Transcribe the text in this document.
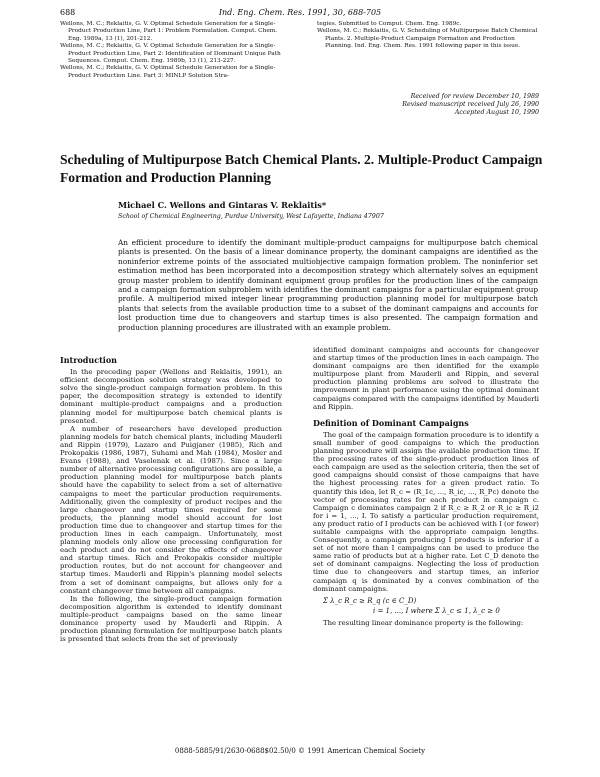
688	Ind. Eng. Chem. Res. 1991, 30, 688-705

Wellons, M. C.; Reklaitis, G. V. Optimal Schedule Generation for a Single-Product Production Line, Part 1: Problem Formulation. Comput. Chem. Eng. 1989a, 13 (1), 201-212.

Wellons, M. C.; Reklaitis, G. V. Optimal Schedule Generation for a Single-Product Production Line, Part 2: Identification of Dominant Unique Path Sequences. Comput. Chem. Eng. 1989b, 13 (1), 213-227.

Wellons, M. C.; Reklaitis, G. V. Optimal Schedule Generation for a Single-Product Production Line. Part 3: MINLP Solution Stra-

tegies. Submitted to Comput. Chem. Eng. 1989c.

Wellons, M. C.; Reklaitis, G. V. Scheduling of Multipurpose Batch Chemical Plants. 2. Multiple-Product Campaign Formation and Production Planning. Ind. Eng. Chem. Res. 1991 following paper in this issue.

Received for review December 10, 1989
Revised manuscript received July 26, 1990
Accepted August 10, 1990
Scheduling of Multipurpose Batch Chemical Plants. 2. Multiple-Product Campaign Formation and Production Planning
Michael C. Wellons and Gintaras V. Reklaitis*
School of Chemical Engineering, Purdue University, West Lafayette, Indiana 47907
An efficient procedure to identify the dominant multiple-product campaigns for multipurpose batch chemical plants is presented. On the basis of a linear dominance property, the dominant campaigns are identified as the noninferior extreme points of the associated multiobjective campaign formation problem. The noninferior set estimation method has been incorporated into a decomposition strategy which alternately solves an equipment group master problem to identify dominant equipment group profiles for the production lines of the campaign and a campaign formation subproblem with identifies the dominant campaigns for a particular equipment group profile. A multiperiod mixed integer linear programming production planning model for multipurpose batch plants that selects from the available production time to a subset of the dominant campaigns and accounts for lost production time due to changeovers and startup times is also presented. The campaign formation and production planning procedures are illustrated with an example problem.
Introduction

In the preceding paper (Wellons and Reklaitis, 1991), an efficient decomposition solution strategy was developed to solve the single-product campaign formation problem. In this paper, the decomposition strategy is extended to identify dominant multiple-product campaigns and a production planning model for multipurpose batch chemical plants is presented.

A number of researchers have developed production planning models for batch chemical plants, including Mauderli and Rippin (1979), Lazaro and Puigjaner (1985), Rich and Prokopakis (1986, 1987), Suhami and Mah (1984), Mosler and Evans (1988), and Vaselenak et al. (1987). Since a large number of alternative processing configurations are possible, a production planning model for multipurpose batch plants should have the capability to select from a set of alternative campaigns to meet the particular production requirements. Additionally, given the complexity of product recipes and the large changeover and startup times required for some products, the planning model should account for lost production time due to changeover and startup times for the production lines in each campaign. Unfortunately, most planning models only allow one processing configuration for each product and do not consider the effects of changeover and startup times. Rich and Prokopakis consider multiple production routes, but do not account for changeover and startup times. Mauderli and Rippin's planning model selects from a set of dominant campaigns, but allows only for a constant changeover time between all campaigns.

In the following, the single-product campaign formation decomposition algorithm is extended to identify dominant multiple-product campaigns based on the same linear dominance property used by Mauderli and Rippin. A production planning formulation for multipurpose batch plants is presented that selects from the set of previously

identified dominant campaigns and accounts for changeover and startup times of the production lines in each campaign. The dominant campaigns are then identified for the example multipurpose plant from Mauderli and Rippin, and several production planning problems are solved to illustrate the improvement in plant performance using the optimal dominant campaigns compared with the campaigns identified by Mauderli and Rippin.

Definition of Dominant Campaigns

The goal of the campaign formation procedure is to identify a small number of good campaigns to which the production planning procedure will assign the available production time. If the processing rates of the single-product production lines of each campaign are used as the selection criteria, then the set of good campaigns should consist of those campaigns that have the highest processing rates for a given product ratio. To quantify this idea, let R_c = (R_1c, ..., R_ic, ..., R_Pc) denote the vector of processing rates for each product in campaign c. Campaign c dominates campaign 2 if R_c ≥ R_2 or R_ic ≥ R_i2 for i = 1, ..., I. To satisfy a particular production requirement, any product ratio of I products can be achieved with I (or fewer) suitable campaigns with the appropriate campaign lengths. Consequently, a campaign producing I products is inferior if a set of not more than I campaigns can be used to produce the same ratio of products but at a higher rate. Let C_D denote the set of dominant campaigns. Neglecting the loss of production time due to changeovers and startup times, an inferior campaign q is dominated by a convex combination of the dominant campaigns.

Σ λ_c R_c ≥ R_q (c ∈ C_D)
i = 1, ..., I where Σ λ_c ≤ 1, λ_c ≥ 0

The resulting linear dominance property is the following:

0888-5885/91/2630-0688$02.50/0 © 1991 American Chemical Society
